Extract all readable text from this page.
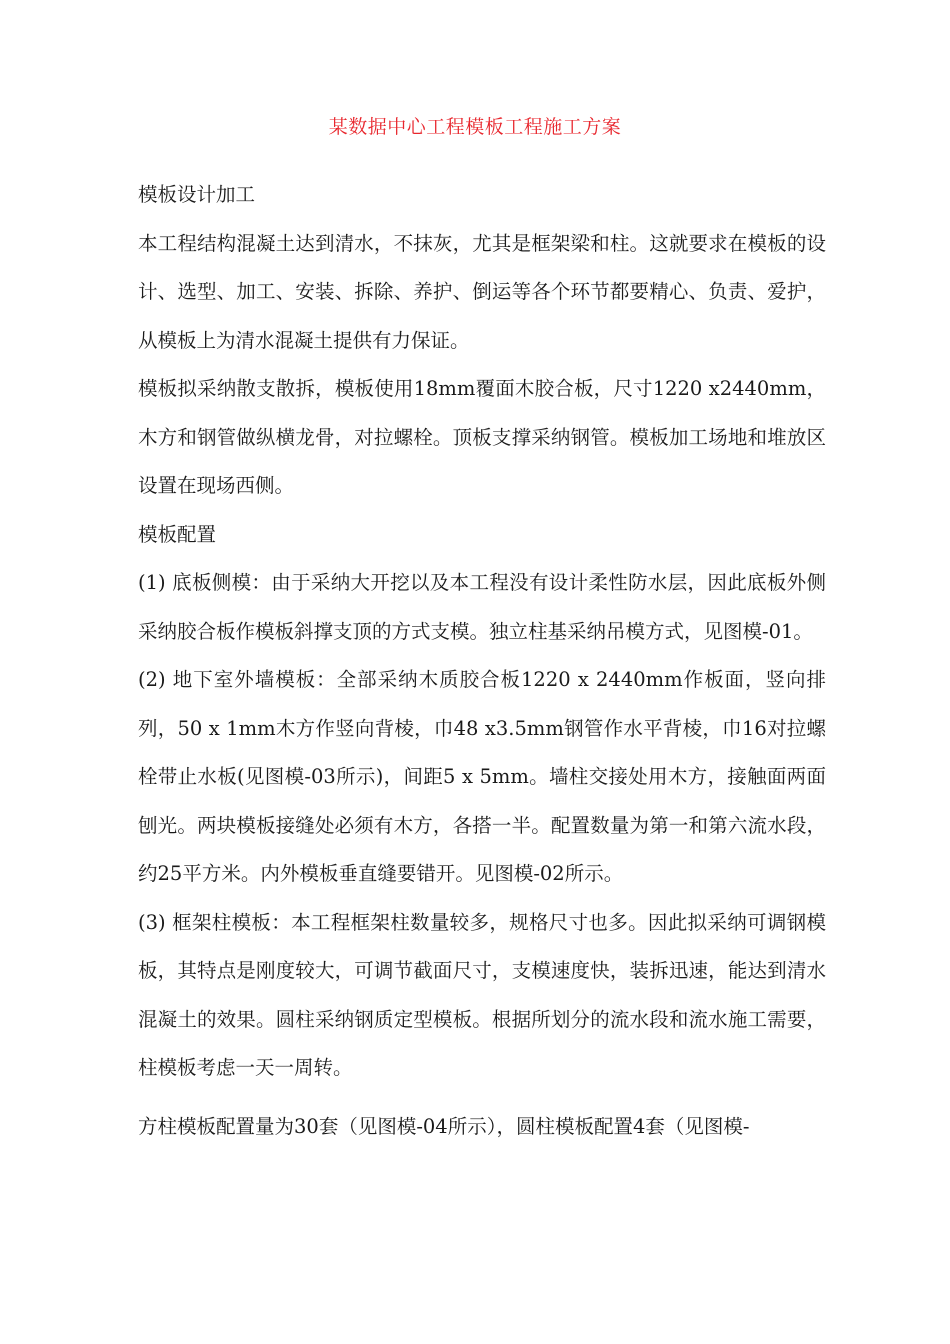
某数据中心工程模板工程施工方案

模板设计加工

本工程结构混凝土达到清水，不抹灰，尤其是框架梁和柱。这就要求在模板的设计、选型、加工、安装、拆除、养护、倒运等各个环节都要精心、负责、爱护，从模板上为清水混凝土提供有力保证。

模板拟采纳散支散拆，模板使用18mm覆面木胶合板，尺寸1220 x2440mm，木方和钢管做纵横龙骨，对拉螺栓。顶板支撑采纳钢管。模板加工场地和堆放区设置在现场西侧。

模板配置

(1) 底板侧模：由于采纳大开挖以及本工程没有设计柔性防水层，因此底板外侧采纳胶合板作模板斜撑支顶的方式支模。独立柱基采纳吊模方式，见图模-01。

(2) 地下室外墙模板：全部采纳木质胶合板1220 x 2440mm作板面，竖向排列，50 x 1mm木方作竖向背棱，巾48 x3.5mm钢管作水平背棱，巾16对拉螺栓带止水板(见图模-03所示)，间距5 x 5mm。墙柱交接处用木方，接触面两面刨光。两块模板接缝处必须有木方，各搭一半。配置数量为第一和第六流水段，约25平方米。内外模板垂直缝要错开。见图模-02所示。

(3) 框架柱模板：本工程框架柱数量较多，规格尺寸也多。因此拟采纳可调钢模板，其特点是刚度较大，可调节截面尺寸，支模速度快，装拆迅速，能达到清水混凝土的效果。圆柱采纳钢质定型模板。根据所划分的流水段和流水施工需要，柱模板考虑一天一周转。

方柱模板配置量为30套（见图模-04所示），圆柱模板配置4套（见图模-
